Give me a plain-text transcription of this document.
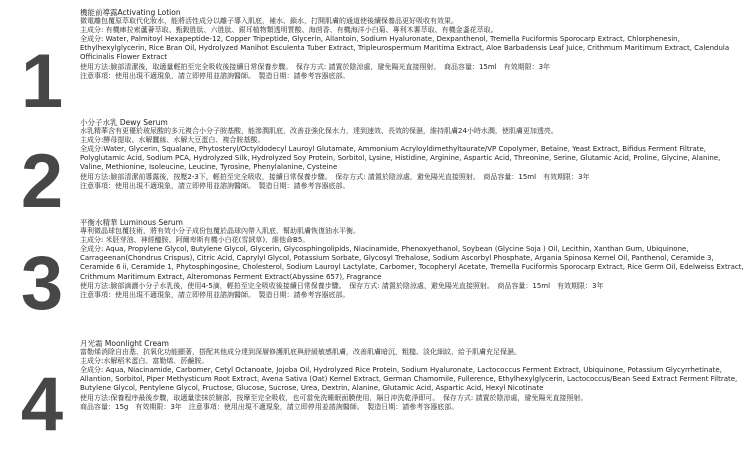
1

機能前導露Activating Lotion

微電離包覆原萃取代化妝水，能將活性成分以離子導入肌底，補水、鎖水，打開肌膚的通道使後續保養品更好吸收有效果。

主成分: 有機庫拉索蘆薈萃取、甄穀胜肽、六胜肽、銀耳植物類透明質酸、海茴香、有機海洋小白菊、專利木薯萃取、有機金盞花萃取。

全成分: Water, Palmitoyl Hexapeptide-12, Copper Tripeptide, Glycerin, Allantoin, Sodium Hyaluronate, Dexpanthenol, Tremella Fuciformis Sporocarp Extract, Chlorphenesin, Ethylhexylglycerin, Rice Bran Oil, Hydrolyzed Manihot Esculenta Tuber Extract, Tripleurospermum Maritima Extract, Aloe Barbadensis Leaf Juice, Crithmum Maritimum Extract, Calendula Officinalis Flower Extract

使用方法:臉部清潔後，取適量輕拍至完全吸收後接續日常保養步驟。　保存方式: 請置於陰涼處，避免陽光直接照射。　商品容量：15ml　有效期限：3年

注意事項：使用出現不適現象，請立即停用並諮詢醫師。　製造日期：請參考容器底部。

2

小分子水乳 Dewy Serum

水乳精華含有更優於玻尿酸的多元複合小分子胺基酸，能滲潤肌底，改善並強化保水力，達到速效、長效的保濕，維持肌膚24小時水潤，使肌膚更加透亮。

主成分:酵母提取、水解蠶絲、水解大豆蛋白、複合胺基酸。

全成分:Water, Glycerin, Squalane, Phytosteryl/Octyldodecyl Lauroyl Glutamate, Ammonium Acryloyldimethyltaurate/VP Copolymer, Betaine, Yeast Extract, Bifidus Ferment Filtrate, Polyglutamic Acid, Sodium PCA, Hydrolyzed Silk, Hydrolyzed Soy Protein, Sorbitol, Lysine, Histidine, Arginine, Aspartic Acid, Threonine, Serine, Glutamic Acid, Proline, Glycine, Alanine, Valine, Methionine, Isoleucine, Leucine, Tyrosine, Phenylalanine, Cysteine

使用方法:臉部清潔前導露後，按壓2-3下，輕拍至完全吸收，接續日常保養步驟。　保存方式: 請置於陰涼處，避免陽光直接照射。　商品容量：15ml　有效期限：3年

注意事項：使用出現不適現象，請立即停用並諮詢醫師。　製造日期：請參考容器底部。

3

平衡水精華 Luminous Serum

專利微晶球包覆技術，將有效小分子成份包覆於晶球內帶入肌底，幫助肌膚恢復油水平衡。

主成分: 米胚芽油、神經醯胺、阿爾卑斯有機小白花(雪絨草)、維他命B5。

全成分: Aqua, Propylene Glycol, Butylene Glycol, Glycerin, Glycosphingolipids, Niacinamide, Phenoxyethanol, Soybean (Glycine Soja ) Oil, Lecithin, Xanthan Gum, Ubiquinone, Carrageenan(Chondrus Crispus), Citric Acid, Caprylyl Glycol, Potassium Sorbate, Glycosyl Trehalose, Sodium Ascorbyl Phosphate, Argania Spinosa Kernel Oil, Panthenol, Ceramide 3, Ceramide 6 ii, Ceramide 1, Phytosphingosine, Cholesterol, Sodium Lauroyl Lactylate, Carbomer, Tocopheryl Acetate, Tremella Fuciformis Sporocarp Extract, Rice Germ Oil, Edelweiss Extract, Crithmum Maritimum Extract, Alteromonas Ferment Extract(Abyssine 657), Fragrance

使用方法:臉部滴灑小分子水乳後，使用4-5滴，輕拍至完全吸收後接續日常保養步驟。　保存方式: 請置於陰涼處，避免陽光直接照射。　商品容量：15ml　有效期限：3年

注意事項：使用出現不適現象，請立即停用並諮詢醫師。　製造日期：請參考容器底部。

4

月光霜 Moonlight Cream

富勒烯消除自由基、抗氧化功能顯著，搭配其他成分達到深層修護肌底與舒緩敏感肌膚，改善肌膚暗沉，粗糙、淡化細紋、給予肌膚充足保濕。

主成分:水解稻米蛋白、富勒烯、菸鹼胺。

全成分: Aqua, Niacinamide, Carbomer, Cetyl Octanoate, Jojoba Oil, Hydrolyzed Rice Protein, Sodium Hyaluronate, Lactococcus Ferment Extract, Ubiquinone, Potassium Glycyrrhetinate, Allantion, Sorbitol, Piper Methysticum Root Extract, Avena Sativa (Oat) Kernel Extract, German Chamomile, Fullerence, Ethylhexylglycerin, Lactococcus/Bean Seed Extract Ferment Filtrate, Butylene Glycol, Pentylene Glycol, Fructose, Glucose, Sucrose, Urea, Dextrin, Alanine, Glutamic Acid, Aspartic Acid, Hexyl Nicotinate

使用方法:保養程序最後步驟，取適量塗抹於臉部，按摩至完全吸收，也可當免洗睡眠面膜使用，隔日沖洗乾淨即可。　保存方式: 請置於陰涼處，避免陽光直接照射。

商品容量：15g　有效期限：3年　注意事項：使用出現不適現象，請立即停用並諮詢醫師。　製造日期：請參考容器底部。
